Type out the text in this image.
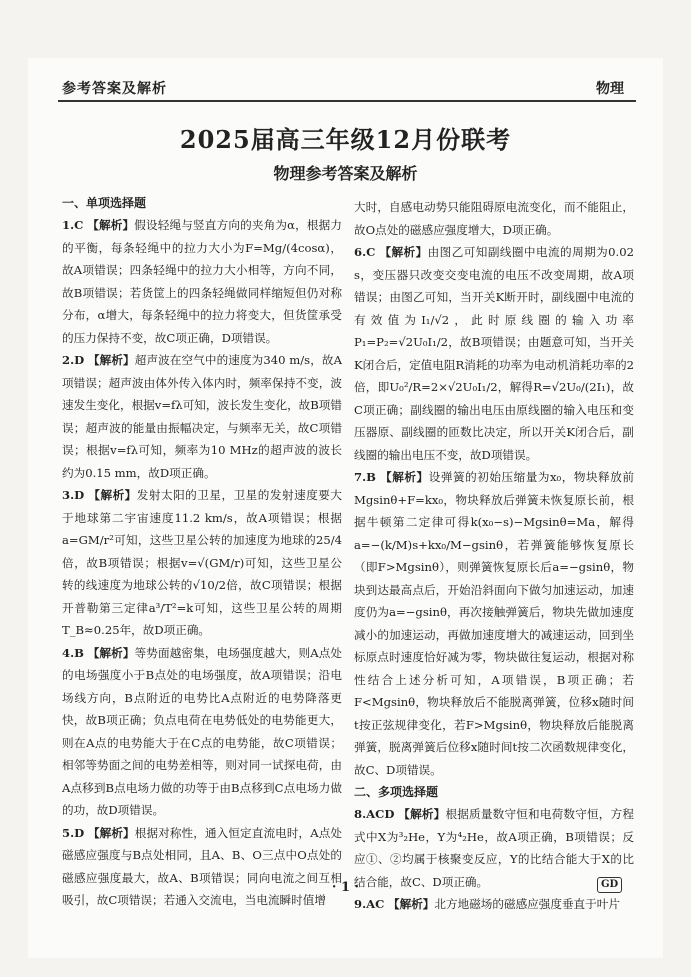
参考答案及解析	物理
2025届高三年级12月份联考
物理参考答案及解析
一、单项选择题

1.C 【解析】假设轻绳与竖直方向的夹角为α，根据力的平衡，每条轻绳中的拉力大小为F=Mg/(4cosα)，故A项错误；四条轻绳中的拉力大小相等，方向不同，故B项错误；若货筐上的四条轻绳做同样缩短但仍对称分布，α增大，每条轻绳中的拉力将变大，但货筐承受的压力保持不变，故C项正确，D项错误。

2.D 【解析】超声波在空气中的速度为340 m/s，故A项错误；超声波由体外传入体内时，频率保持不变，波速发生变化，根据v=fλ可知，波长发生变化，故B项错误；超声波的能量由振幅决定，与频率无关，故C项错误；根据v=fλ可知，频率为10 MHz的超声波的波长约为0.15 mm，故D项正确。

3.D 【解析】发射太阳的卫星，卫星的发射速度要大于地球第二宇宙速度11.2 km/s，故A项错误；根据a=GM/r²可知，这些卫星公转的加速度为地球的25/4倍，故B项错误；根据v=√(GM/r)可知，这些卫星公转的线速度为地球公转的√10/2倍，故C项错误；根据开普勒第三定律a³/T²=k可知，这些卫星公转的周期T_B≈0.25年，故D项正确。

4.B 【解析】等势面越密集，电场强度越大，则A点处的电场强度小于B点处的电场强度，故A项错误；沿电场线方向，B点附近的电势比A点附近的电势降落更快，故B项正确；负点电荷在电势低处的电势能更大，则在A点的电势能大于在C点的电势能，故C项错误；相邻等势面之间的电势差相等，则对同一试探电荷，由A点移到B点电场力做的功等于由B点移到C点电场力做的功，故D项错误。

5.D 【解析】根据对称性，通入恒定直流电时，A点处磁感应强度与B点处相同，且A、B、O三点中O点处的磁感应强度最大，故A、B项错误；同向电流之间互相吸引，故C项错误；若通入交流电，当电流瞬时值增

大时，自感电动势只能阻碍原电流变化，而不能阻止，故O点处的磁感应强度增大，D项正确。

6.C 【解析】由图乙可知副线圈中电流的周期为0.02 s，变压器只改变交变电流的电压不改变周期，故A项错误；由图乙可知，当开关K断开时，副线圈中电流的有效值为I₁/√2，此时原线圈的输入功率P₁=P₂=√2U₀I₁/2，故B项错误；由题意可知，当开关K闭合后，定值电阻R消耗的功率为电动机消耗功率的2倍，即U₀²/R=2×√2U₀I₁/2，解得R=√2U₀/(2I₁)，故C项正确；副线圈的输出电压由原线圈的输入电压和变压器原、副线圈的匝数比决定，所以开关K闭合后，副线圈的输出电压不变，故D项错误。

7.B 【解析】设弹簧的初始压缩量为x₀，物块释放前Mgsinθ+F=kx₀，物块释放后弹簧未恢复原长前，根据牛顿第二定律可得k(x₀−s)−Mgsinθ=Ma，解得a=−(k/M)s+kx₀/M−gsinθ，若弹簧能够恢复原长（即F>Mgsinθ），则弹簧恢复原长后a=−gsinθ，物块到达最高点后，开始沿斜面向下做匀加速运动，加速度仍为a=−gsinθ，再次接触弹簧后，物块先做加速度减小的加速运动，再做加速度增大的减速运动，回到坐标原点时速度恰好减为零，物块做往复运动，根据对称性结合上述分析可知，A项错误，B项正确；若F<Mgsinθ，物块释放后不能脱离弹簧，位移x随时间t按正弦规律变化，若F>Mgsinθ，物块释放后能脱离弹簧，脱离弹簧后位移x随时间t按二次函数规律变化，故C、D项错误。

二、多项选择题

8.ACD 【解析】根据质量数守恒和电荷数守恒，方程式中X为³₂He，Y为⁴₂He，故A项正确，B项错误；反应①、②均属于核聚变反应，Y的比结合能大于X的比结合能，故C、D项正确。

9.AC 【解析】北方地磁场的磁感应强度垂直于叶片

· 1 ·	GD
